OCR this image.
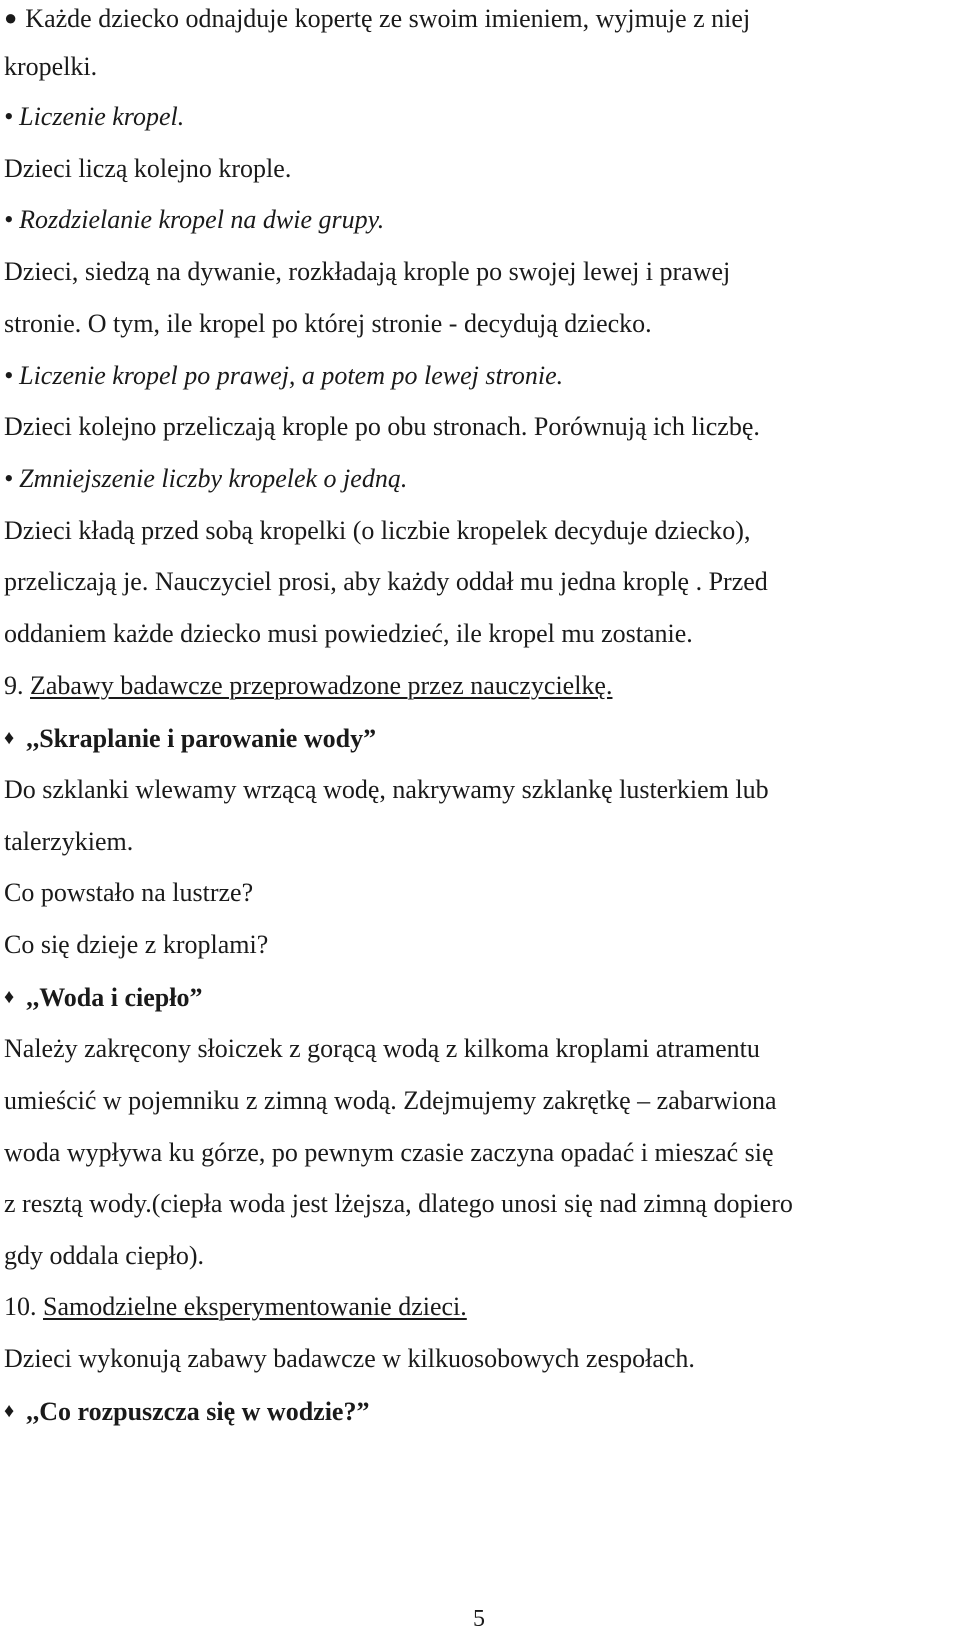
● Każde dziecko odnajduje kopertę ze swoim imieniem, wyjmuje z niej
kropelki.
• Liczenie kropel.
Dzieci liczą kolejno krople.
• Rozdzielanie kropel na dwie grupy.
Dzieci, siedzą na dywanie, rozkładają krople po swojej lewej i prawej
stronie. O tym, ile kropel po której stronie - decydują dziecko.
• Liczenie kropel po prawej, a potem po lewej stronie.
Dzieci kolejno przeliczają krople po obu stronach. Porównują ich liczbę.
• Zmniejszenie liczby kropelek o jedną.
Dzieci kładą przed sobą kropelki (o liczbie kropelek decyduje dziecko),
przeliczają je. Nauczyciel prosi, aby każdy oddał mu jedna kroplę . Przed
oddaniem każde dziecko musi powiedzieć, ile kropel mu zostanie.
9. Zabawy badawcze przeprowadzone przez nauczycielkę.
♦ ,,Skraplanie i parowanie wody”
Do szklanki wlewamy wrzącą wodę, nakrywamy szklankę lusterkiem lub
talerzykiem.
Co powstało na lustrze?
Co się dzieje z kroplami?
♦ ,,Woda i ciepło”
Należy zakręcony słoiczek z gorącą wodą z kilkoma kroplami atramentu
umieścić w pojemniku z zimną wodą. Zdejmujemy zakrętkę – zabarwiona
woda wypływa ku górze, po pewnym czasie zaczyna opadać i mieszać się
z resztą wody.(ciepła woda jest lżejsza, dlatego unosi się nad zimną dopiero
gdy oddala ciepło).
10. Samodzielne eksperymentowanie dzieci.
Dzieci wykonują zabawy badawcze w kilkuosobowych zespołach.
♦ ,,Co rozpuszcza się w wodzie?”
5
